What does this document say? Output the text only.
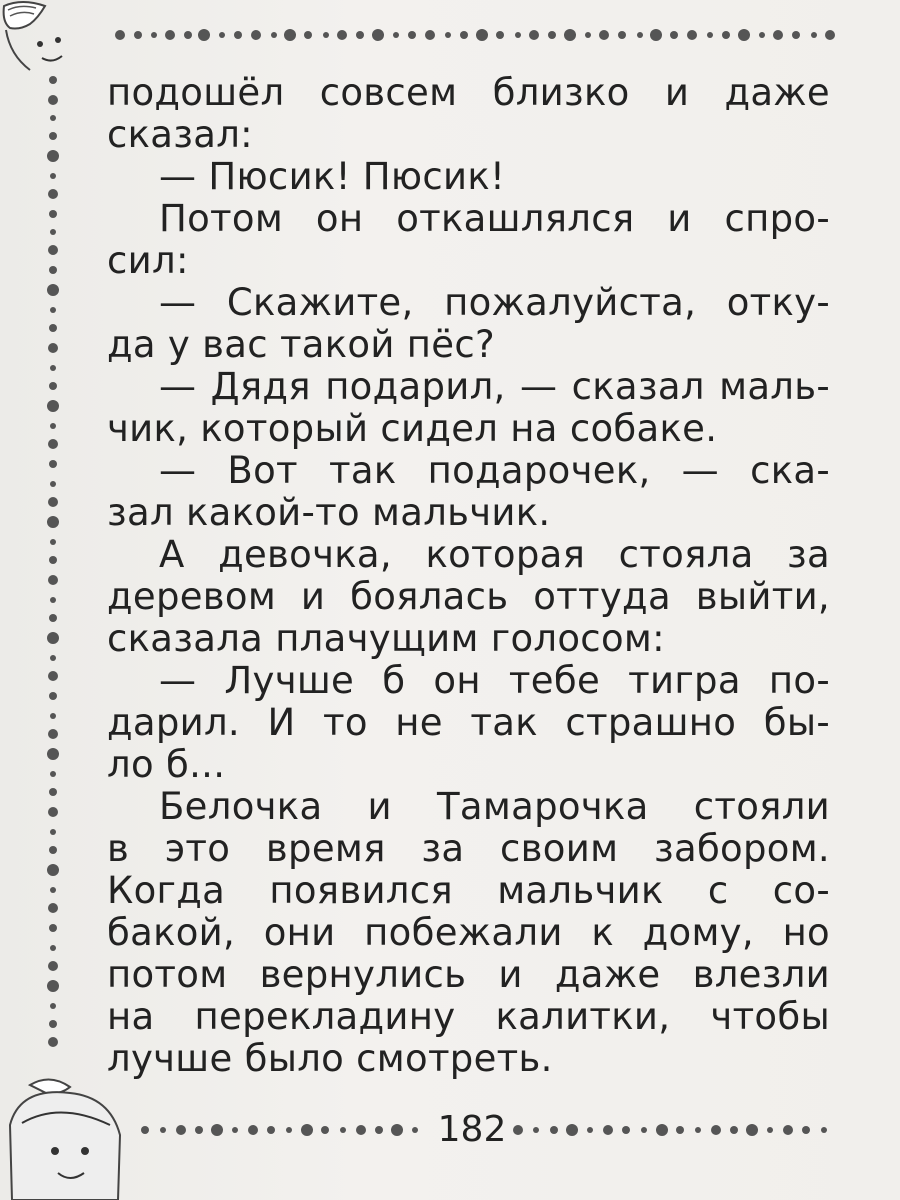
подошёл совсем близко и даже
сказал:
— Пюсик! Пюсик!
Потом он откашлялся и спро-
сил:
— Скажите, пожалуйста, отку-
да у вас такой пёс?
— Дядя подарил, — сказал маль-
чик, который сидел на собаке.
— Вот так подарочек, — ска-
зал какой-то мальчик.
А девочка, которая стояла за
деревом и боялась оттуда выйти,
сказала плачущим голосом:
— Лучше б он тебе тигра по-
дарил. И то не так страшно бы-
ло б...
Белочка и Тамарочка стояли
в это время за своим забором.
Когда появился мальчик с со-
бакой, они побежали к дому, но
потом вернулись и даже влезли
на перекладину калитки, чтобы
лучше было смотреть.
182
